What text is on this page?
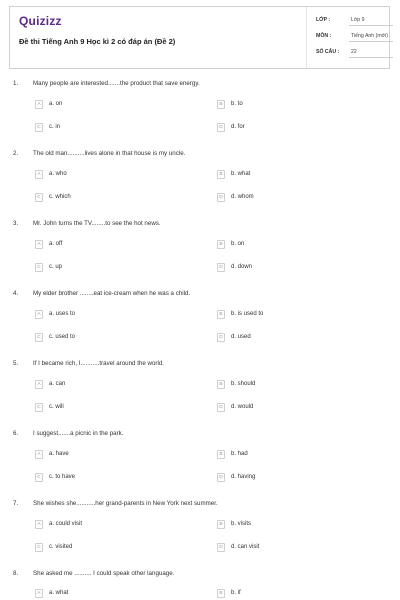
Quizizz
Đề thi Tiếng Anh 9 Học kì 2 có đáp án (Đề 2)
LỚP :	Lớp 9
MÔN :	Tiếng Anh (mới)
SỐ CÂU : 22
1. Many people are interested.......the product that save energy.
A	a. on	B	b. to
C	c. in	D	d. for
2. The old man..........lives alone in that house is my uncle.
A	a. who	B	b. what
C	c. which	D	d. whom
3. Mr. John turns the TV........to see the hot news.
A	a. off	B	b. on
C	c. up	D	d. down
4. My elder brother ........eat ice-cream when he was a child.
A	a. uses to	B	b. is used to
C	c. used to	D	d. used
5. If I became rich, I...........travel around the world.
A	a. can	B	b. should
C	c. will	D	d. would
6. I suggest.......a picnic in the park.
A	a. have	B	b. had
C	c. to have	D	d. having
7. She wishes she...........her grand-parents in New York next summer.
A	a. could visit	B	b. visits
C	c. visited	D	d. can visit
8. She asked me .......... I could speak other language.
A	a. what	B	b. if
